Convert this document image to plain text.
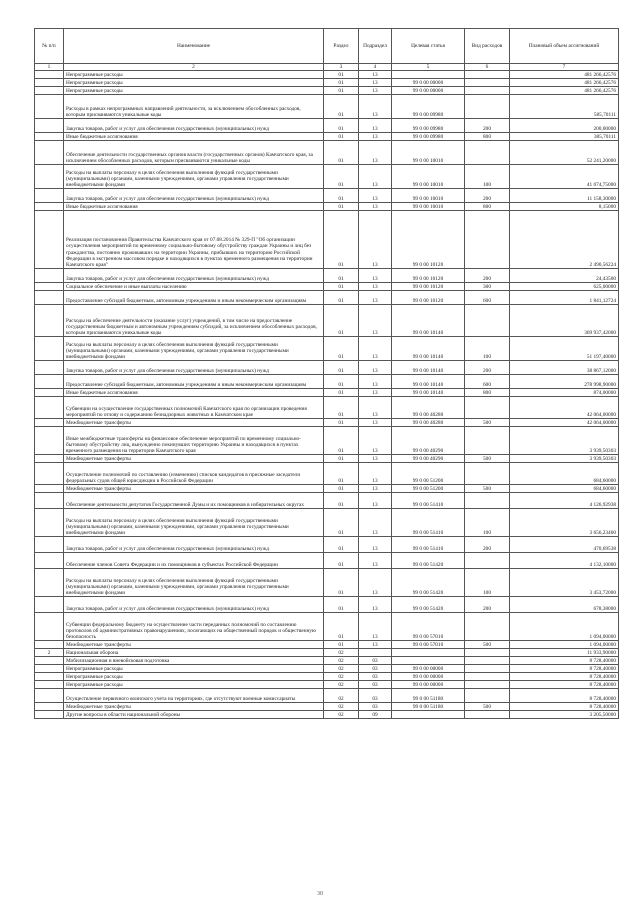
№ п/п	Наименование	Раздел	Подраздел	Целевая статья	Вид расходов	Плановый объем ассигнований
1	2	3	4	5	6	7
	Непрограммные расходы	01	13			481 266,42576
	Непрограммные расходы	01	13	99 0 00 00000		481 266,42576
	Непрограммные расходы	01	13	99 0 00 00000		481 266,42576
	Расходы в рамках непрограммных направлений деятельности, за исключением обособленных расходов, которым присваиваются уникальные коды	01	13	99 0 00 09980		585,70111
	Закупка товаров, работ и услуг для обеспечения государственных (муниципальных) нужд	01	13	99 0 00 09980	200	200,00000
	Иные бюджетные ассигнования	01	13	99 0 00 09980	800	385,70111
	Обеспечение деятельности государственных органов власти (государственных органов) Камчатского края, за исключением обособленных расходов, которым присваиваются уникальные коды	01	13	99 0 00 10010		52 241,20000
	Расходы на выплаты персоналу в целях обеспечения выполнения функций государственными (муниципальными) органами, казенными учреждениями, органами управления государственными внебюджетными фондами	01	13	99 0 00 10010	100	41 074,75000
	Закупка товаров, работ и услуг для обеспечения государственных (муниципальных) нужд	01	13	99 0 00 10010	200	11 158,30000
	Иные бюджетные ассигнования	01	13	99 0 00 10010	800	8,15000
	Реализация постановления Правительства Камчатского края от 07.08.2014 № 329-П "Об организации осуществления мероприятий по временному социально-бытовому обустройству граждан Украины и лиц без гражданства, постоянно проживавших на территории Украины, прибывших на территорию Российской Федерации в экстренном массовом порядке и находящихся в пунктах временного размещения на территории Камчатского края"	01	13	99 0 00 10120		2 490,56224
	Закупка товаров, работ и услуг для обеспечения государственных (муниципальных) нужд	01	13	99 0 00 10120	200	24,43500
	Социальное обеспечение и иные выплаты населению	01	13	99 0 00 10120	300	625,00000
	Предоставление субсидий бюджетным, автономным учреждениям и иным некоммерческим организациям	01	13	99 0 00 10120	600	1 841,12724
	Расходы на обеспечение деятельности (оказание услуг) учреждений, в том числе на предоставление государственным бюджетным и автономным учреждениям субсидий, за исключением обособленных расходов, которым присваиваются уникальные коды	01	13	99 0 00 10140		369 937,42000
	Расходы на выплаты персоналу в целях обеспечения выполнения функций государственными (муниципальными) органами, казенными учреждениями, органами управления государственными внебюджетными фондами	01	13	99 0 00 10140	100	51 197,40000
	Закупка товаров, работ и услуг для обеспечения государственных (муниципальных) нужд	01	13	99 0 00 10140	200	38 867,12000
	Предоставление субсидий бюджетным, автономным учреждениям и иным некоммерческим организациям	01	13	99 0 00 10140	600	278 998,90000
	Иные бюджетные ассигнования	01	13	99 0 00 10140	800	874,00000
	Субвенции на осуществление государственных полномочий Камчатского края по организации проведения мероприятий по отлову и содержанию безнадзорных животных в Камчатском крае	01	13	99 0 00 40280		42 064,00000
	Межбюджетные трансферты	01	13	99 0 00 40280	500	42 064,00000
	Иные межбюджетные трансферты на финансовое обеспечение мероприятий по временному социально-бытовому обустройству лиц, вынужденно покинувших территорию Украины и находящихся в пунктах временного размещения на территории Камчатского края	01	13	99 0 00 40290		3 939,50303
	Межбюджетные трансферты	01	13	99 0 00 40290	500	3 939,50303
	Осуществление полномочий по составлению (изменению) списков кандидатов в присяжные заседатели федеральных судов общей юрисдикции в Российской Федерации	01	13	99 0 00 51200		684,60000
	Межбюджетные трансферты	01	13	99 0 00 51200	500	684,60000
	Обеспечение деятельности депутатов Государственной Думы и их помощников в избирательных округах	01	13	99 0 00 51410		4 126,92938
	Расходы на выплаты персоналу в целях обеспечения выполнения функций государственными (муниципальными) органами, казенными учреждениями, органами управления государственными внебюджетными фондами	01	13	99 0 00 51410	100	3 656,23400
	Закупка товаров, работ и услуг для обеспечения государственных (муниципальных) нужд	01	13	99 0 00 51410	200	470,69538
	Обеспечение членов Совета Федерации и их помощников в субъектах Российской Федерации	01	13	99 0 00 51420		4 132,10000
	Расходы на выплаты персоналу в целях обеспечения выполнения функций государственными (муниципальными) органами, казенными учреждениями, органами управления государственными внебюджетными фондами	01	13	99 0 00 51420	100	3 453,72000
	Закупка товаров, работ и услуг для обеспечения государственных (муниципальных) нужд	01	13	99 0 00 51420	200	678,38000
	Субвенции федеральному бюджету на осуществление части переданных полномочий по составлению протоколов об административных правонарушениях, посягающих на общественный порядок и общественную безопасность	01	13	99 0 00 57010		1 094,00000
	Межбюджетные трансферты	01	13	99 0 00 57010	500	1 094,00000
2	Национальная оборона	02				11 933,90000
	Мобилизационная и вневойсковая подготовка	02	03			8 728,40000
	Непрограммные расходы	02	03	99 0 00 00000		8 728,40000
	Непрограммные расходы	02	03	99 0 00 00000		8 728,40000
	Непрограммные расходы	02	03	99 0 00 00000		8 728,40000
	Осуществление первичного воинского учета на территориях, где отсутствуют военные комиссариаты	02	03	99 0 00 51180		8 728,40000
	Межбюджетные трансферты	02	03	99 0 00 51180	500	8 728,40000
	Другие вопросы в области национальной обороны	02	09			3 205,50000
30
